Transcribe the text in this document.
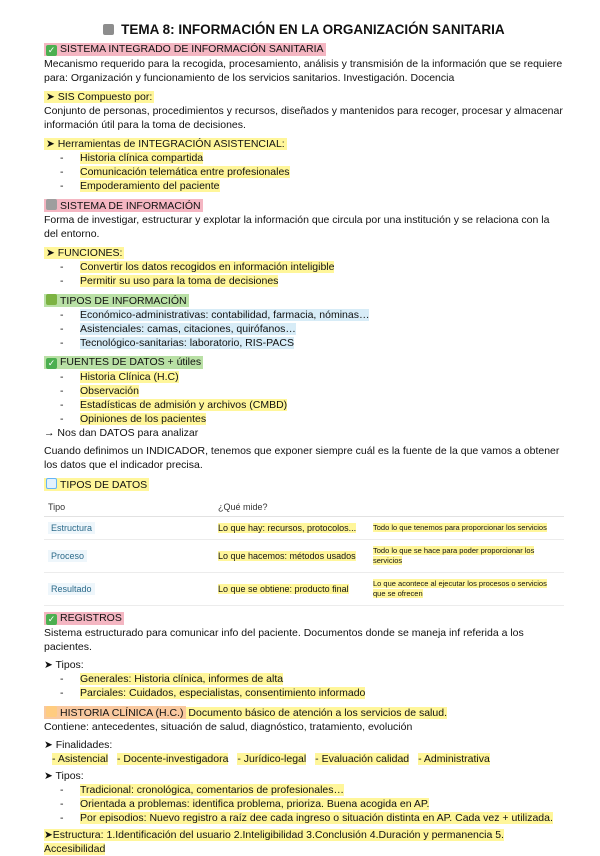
TEMA 8: INFORMACIÓN EN LA ORGANIZACIÓN SANITARIA
✓ SISTEMA INTEGRADO DE INFORMACIÓN SANITARIA

Mecanismo requerido para la recogida, procesamiento, análisis y transmisión de la información que se requiere para: Organización y funcionamiento de los servicios sanitarios. Investigación. Docencia

➤ SIS Compuesto por:

Conjunto de personas, procedimientos y recursos, diseñados y mantenidos para recoger, procesar y almacenar información útil para la toma de decisiones.

➤ Herramientas de INTEGRACIÓN ASISTENCIAL:
- Historia clínica compartida
- Comunicación telemática entre profesionales
- Empoderamiento del paciente
SISTEMA DE INFORMACIÓN

Forma de investigar, estructurar y explotar la información que circula por una institución y se relaciona con la del entorno.

➤ FUNCIONES:
- Convertir los datos recogidos en información inteligible
- Permitir su uso para la toma de decisiones
TIPOS DE INFORMACIÓN
- Económico-administrativas: contabilidad, farmacia, nóminas…
- Asistenciales: camas, citaciones, quirófanos…
- Tecnológico-sanitarias: laboratorio, RIS-PACS
✓ FUENTES DE DATOS + útiles
- Historia Clínica (H.C)
- Observación
- Estadísticas de admisión y archivos (CMBD)
- Opiniones de los pacientes

→ Nos dan DATOS para analizar

Cuando definimos un INDICADOR, tenemos que exponer siempre cuál es la fuente de la que vamos a obtener los datos que el indicador precisa.

TIPOS DE DATOS
Tipo	¿Qué mide?	
Estructura	Lo que hay: recursos, protocolos...	Todo lo que tenemos para proporcionar los servicios
Proceso	Lo que hacemos: métodos usados	Todo lo que se hace para poder proporcionar los servicios
Resultado	Lo que se obtiene: producto final	Lo que acontece al ejecutar los procesos o servicios que se ofrecen
✓ REGISTROS

Sistema estructurado para comunicar info del paciente. Documentos donde se maneja inf referida a los pacientes.

➤ Tipos:

- Generales: Historia clínica, informes de alta
- Parciales: Cuidados, especialistas, consentimiento informado
HISTORIA CLÍNICA (H.C.) Documento básico de atención a los servicios de salud.

Contiene: antecedentes, situación de salud, diagnóstico, tratamiento, evolución

➤ Finalidades:

- Asistencial - Docente-investigadora - Jurídico-legal - Evaluación calidad - Administrativa

➤ Tipos:

- Tradicional: cronológica, comentarios de profesionales…
- Orientada a problemas: identifica problema, prioriza. Buena acogida en AP.
- Por episodios: Nuevo registro a raíz dee cada ingreso o situación distinta en AP. Cada vez + utilizada.

➤Estructura: 1.Identificación del usuario 2.Inteligibilidad 3.Conclusión 4.Duración y permanencia 5. Accesibilidad
